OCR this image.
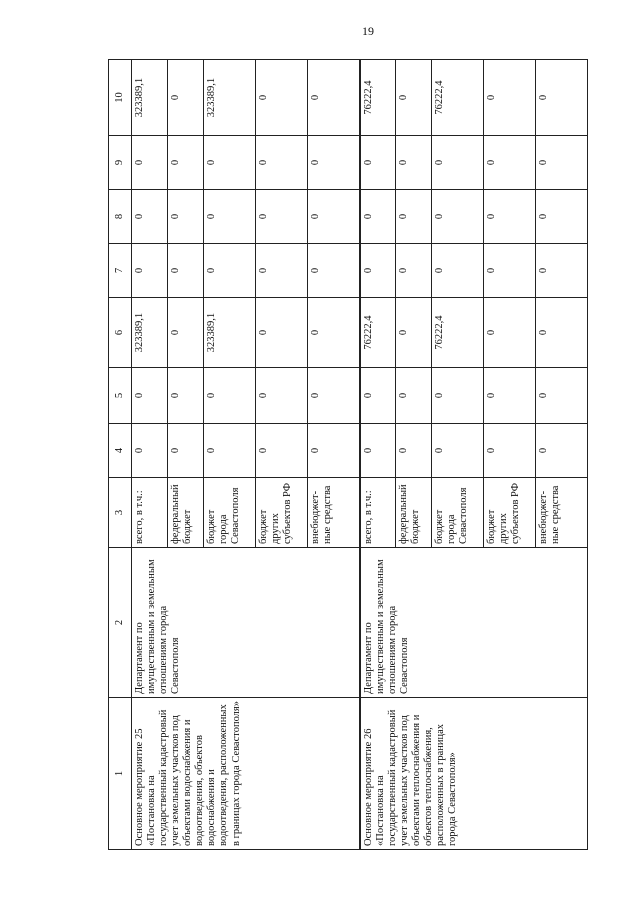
19
1	2	3	4	5	6	7	8	9	10
Основное мероприятие 25 «Постановка на государственный кадастровый учет земельных участков под объектами водоснабжения и водоотведения, объектов водоснабжения и водоотведения, расположенных в границах города Севастополя»	Департамент по имущественным и земельным отношениям города Севастополя	всего, в т.ч.:	0	0	323389,1	0	0	0	323389,1
		федеральный бюджет	0	0	0	0	0	0	0
		бюджет города Севастополя	0	0	323389,1	0	0	0	323389,1
		бюджет других субъектов РФ	0	0	0	0	0	0	0
		внебюджет-ные средства	0	0	0	0	0	0	0
Основное мероприятие 26 «Постановка на государственный кадастровый учет земельных участков под объектами теплоснабжения и объектов теплоснабжения, расположенных в границах города Севастополя»	Департамент по имущественным и земельным отношениям города Севастополя	всего, в т.ч.:	0	0	76222,4	0	0	0	76222,4
		федеральный бюджет	0	0	0	0	0	0	0
		бюджет города Севастополя	0	0	76222,4	0	0	0	76222,4
		бюджет других субъектов РФ	0	0	0	0	0	0	0
		внебюджет-ные средства	0	0	0	0	0	0	0
